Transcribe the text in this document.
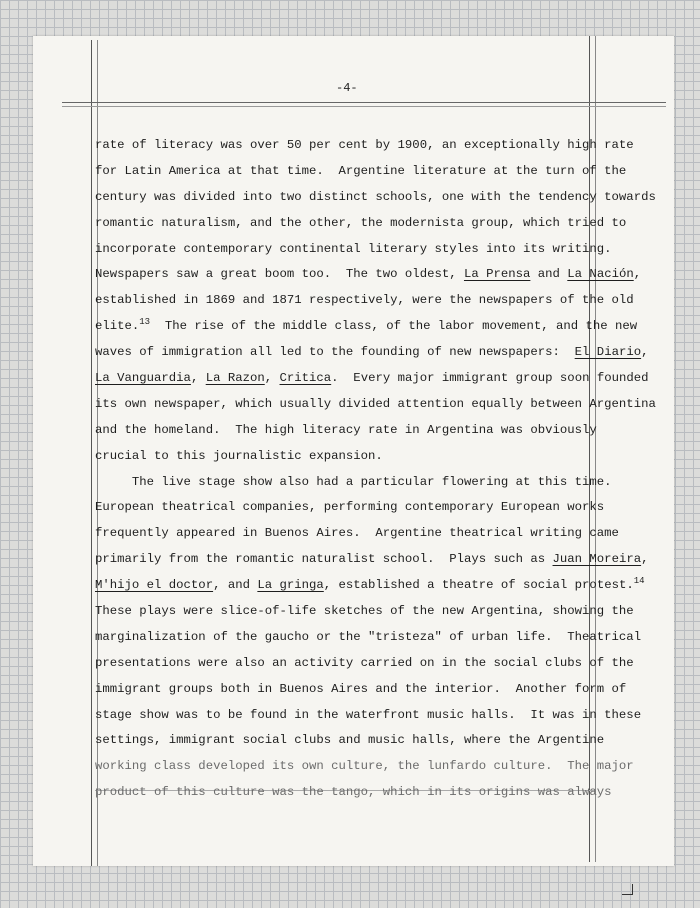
-4-
rate of literacy was over 50 per cent by 1900, an exceptionally high rate
for Latin America at that time.  Argentine literature at the turn of the
century was divided into two distinct schools, one with the tendency towards
romantic naturalism, and the other, the modernista group, which tried to
incorporate contemporary continental literary styles into its writing.
Newspapers saw a great boom too.  The two oldest, La Prensa and La Nación,
established in 1869 and 1871 respectively, were the newspapers of the old
elite.$^{13}$  The rise of the middle class, of the labor movement, and the new
waves of immigration all led to the founding of new newspapers:  El Diario,
La Vanguardia, La Razon, Critica.  Every major immigrant group soon founded
its own newspaper, which usually divided attention equally between Argentina
and the homeland.  The high literacy rate in Argentina was obviously
crucial to this journalistic expansion.
The live stage show also had a particular flowering at this time.
European theatrical companies, performing contemporary European works
frequently appeared in Buenos Aires.  Argentine theatrical writing came
primarily from the romantic naturalist school.  Plays such as Juan Moreira,
M'hijo el doctor, and La gringa, established a theatre of social protest.$^{14}$
These plays were slice-of-life sketches of the new Argentina, showing the
marginalization of the gaucho or the "tristeza" of urban life.  Theatrical
presentations were also an activity carried on in the social clubs of the
immigrant groups both in Buenos Aires and the interior.  Another form of
stage show was to be found in the waterfront music halls.  It was in these
settings, immigrant social clubs and music halls, where the Argentine
working class developed its own culture, the lunfardo culture.  The major
product of this culture was the tango, which in its origins was always
